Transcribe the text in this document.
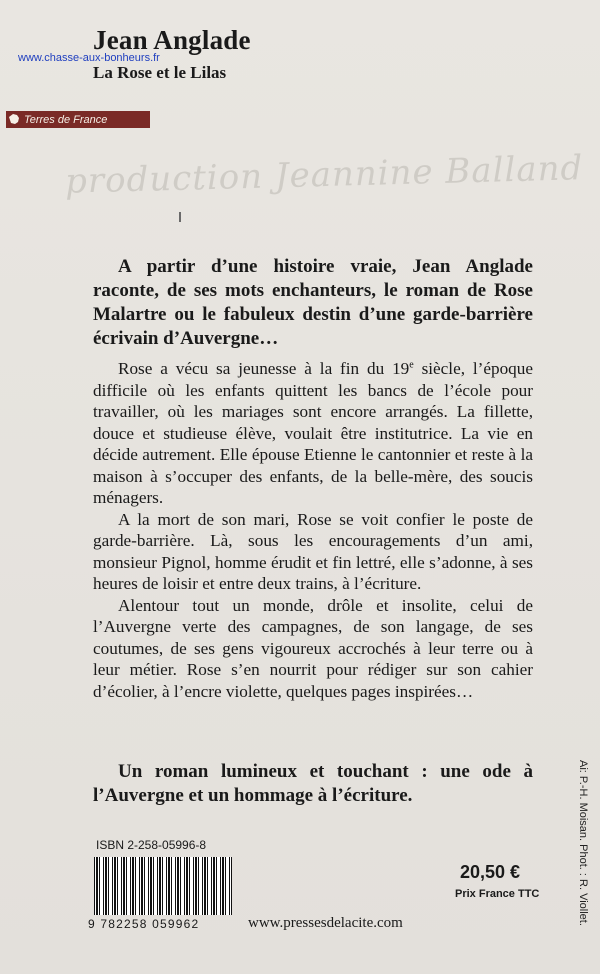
Jean Anglade
www.chasse-aux-bonheurs.fr
La Rose et le Lilas
Terres de France
production Jeannine Balland
A partir d’une histoire vraie, Jean Anglade raconte, de ses mots enchanteurs, le roman de Rose Malartre ou le fabuleux destin d’une garde-barrière écrivain d’Auvergne…

Rose a vécu sa jeunesse à la fin du 19e siècle, l’époque difficile où les enfants quittent les bancs de l’école pour travailler, où les mariages sont encore arrangés. La fillette, douce et studieuse élève, voulait être institutrice. La vie en décide autrement. Elle épouse Etienne le cantonnier et reste à la maison à s’occuper des enfants, de la belle-mère, des soucis ménagers.

A la mort de son mari, Rose se voit confier le poste de garde-barrière. Là, sous les encouragements d’un ami, monsieur Pignol, homme érudit et fin lettré, elle s’adonne, à ses heures de loisir et entre deux trains, à l’écriture.

Alentour tout un monde, drôle et insolite, celui de l’Auvergne verte des campagnes, de son langage, de ses coutumes, de ses gens vigoureux accrochés à leur terre ou à leur métier. Rose s’en nourrit pour rédiger sur son cahier d’écolier, à l’encre violette, quelques pages inspirées…

Un roman lumineux et touchant : une ode à l’Auvergne et un hommage à l’écriture.	Ai: P.-H. Moisan. Phot. : R. Viollet.
ISBN 2-258-05996-8
9 782258 059962	www.pressesdelacite.com
20,50 €
Prix France TTC
